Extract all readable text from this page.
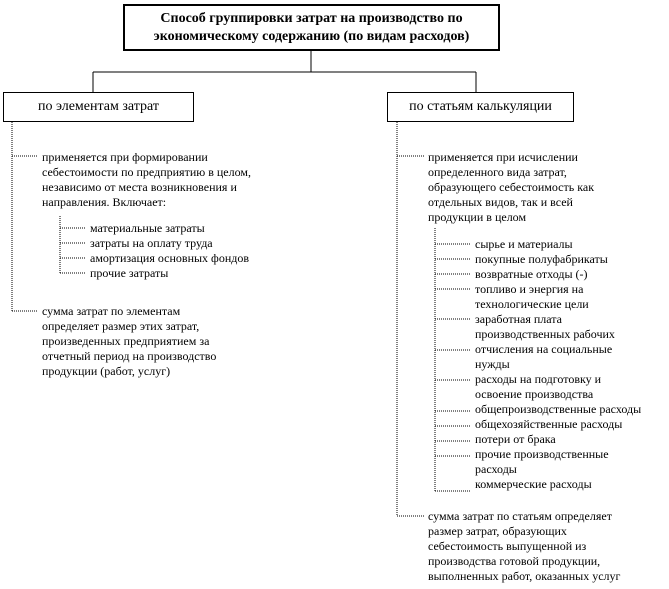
Способ группировки затрат на производство по
экономическому содержанию (по видам расходов)
по элементам затрат	по статьям калькуляции
применяется при формировании
себестоимости по предприятию в целом,
независимо от места возникновения и
направления. Включает:
материальные затраты
затраты на оплату труда
амортизация основных фондов
прочие затраты
сумма затрат по элементам
определяет размер этих затрат,
произведенных предприятием за
отчетный период на производство
продукции (работ, услуг)
применяется при исчислении
определенного вида затрат,
образующего себестоимость как
отдельных видов, так и всей
продукции в целом
сырье и материалы
покупные полуфабрикаты
возвратные отходы (-)
топливо и энергия на
технологические цели
заработная плата
производственных рабочих
отчисления на социальные
нужды
расходы на подготовку и
освоение производства
общепроизводственные расходы
общехозяйственные расходы
потери от брака
прочие производственные
расходы
коммерческие расходы
сумма затрат по статьям определяет
размер затрат, образующих
себестоимость выпущенной из
производства готовой продукции,
выполненных работ, оказанных услуг
